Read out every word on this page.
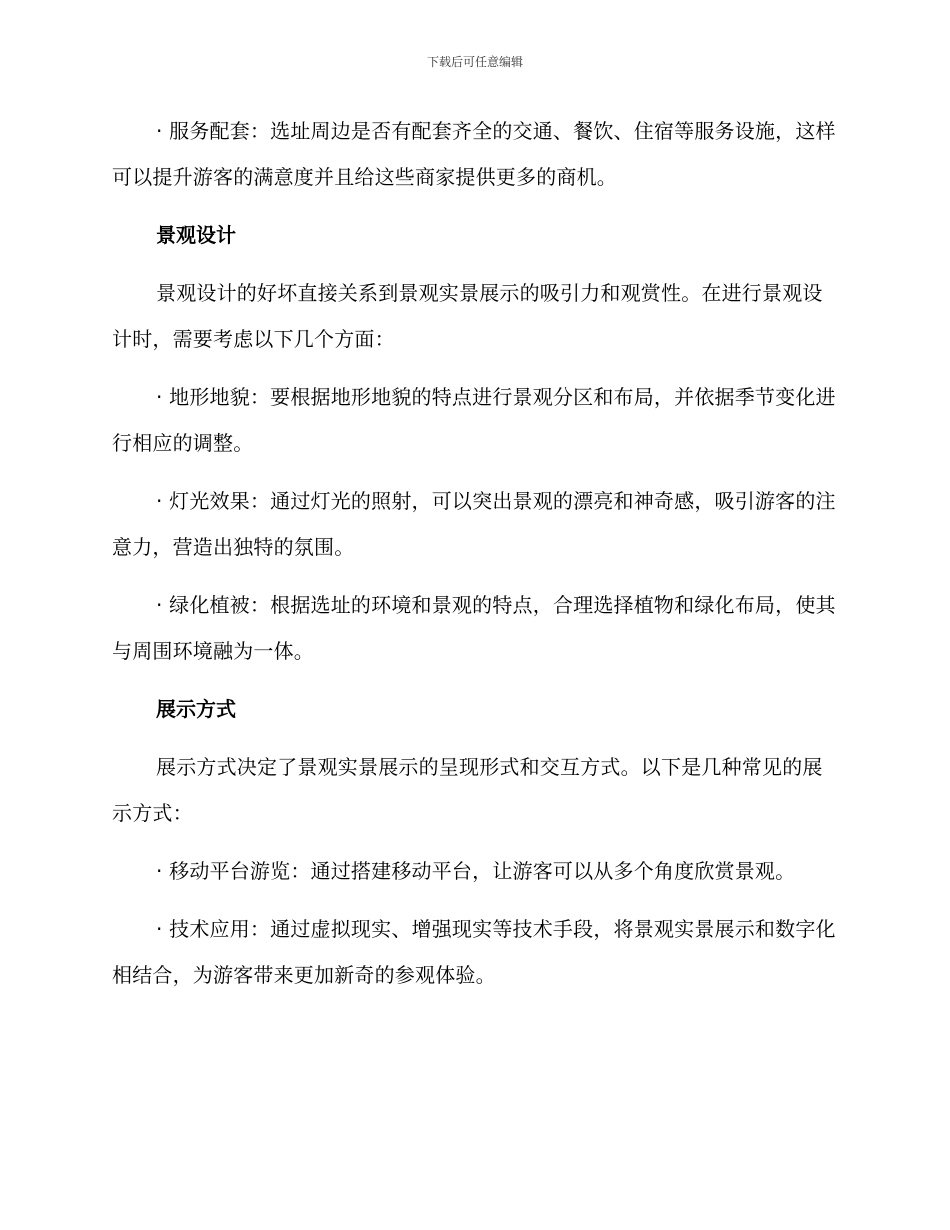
下载后可任意编辑

· 服务配套：选址周边是否有配套齐全的交通、餐饮、住宿等服务设施，这样可以提升游客的满意度并且给这些商家提供更多的商机。

景观设计

景观设计的好坏直接关系到景观实景展示的吸引力和观赏性。在进行景观设计时，需要考虑以下几个方面：

· 地形地貌：要根据地形地貌的特点进行景观分区和布局，并依据季节变化进行相应的调整。

· 灯光效果：通过灯光的照射，可以突出景观的漂亮和神奇感，吸引游客的注意力，营造出独特的氛围。

· 绿化植被：根据选址的环境和景观的特点，合理选择植物和绿化布局，使其与周围环境融为一体。

展示方式

展示方式决定了景观实景展示的呈现形式和交互方式。以下是几种常见的展示方式：

· 移动平台游览：通过搭建移动平台，让游客可以从多个角度欣赏景观。

· 技术应用：通过虚拟现实、增强现实等技术手段，将景观实景展示和数字化相结合，为游客带来更加新奇的参观体验。
